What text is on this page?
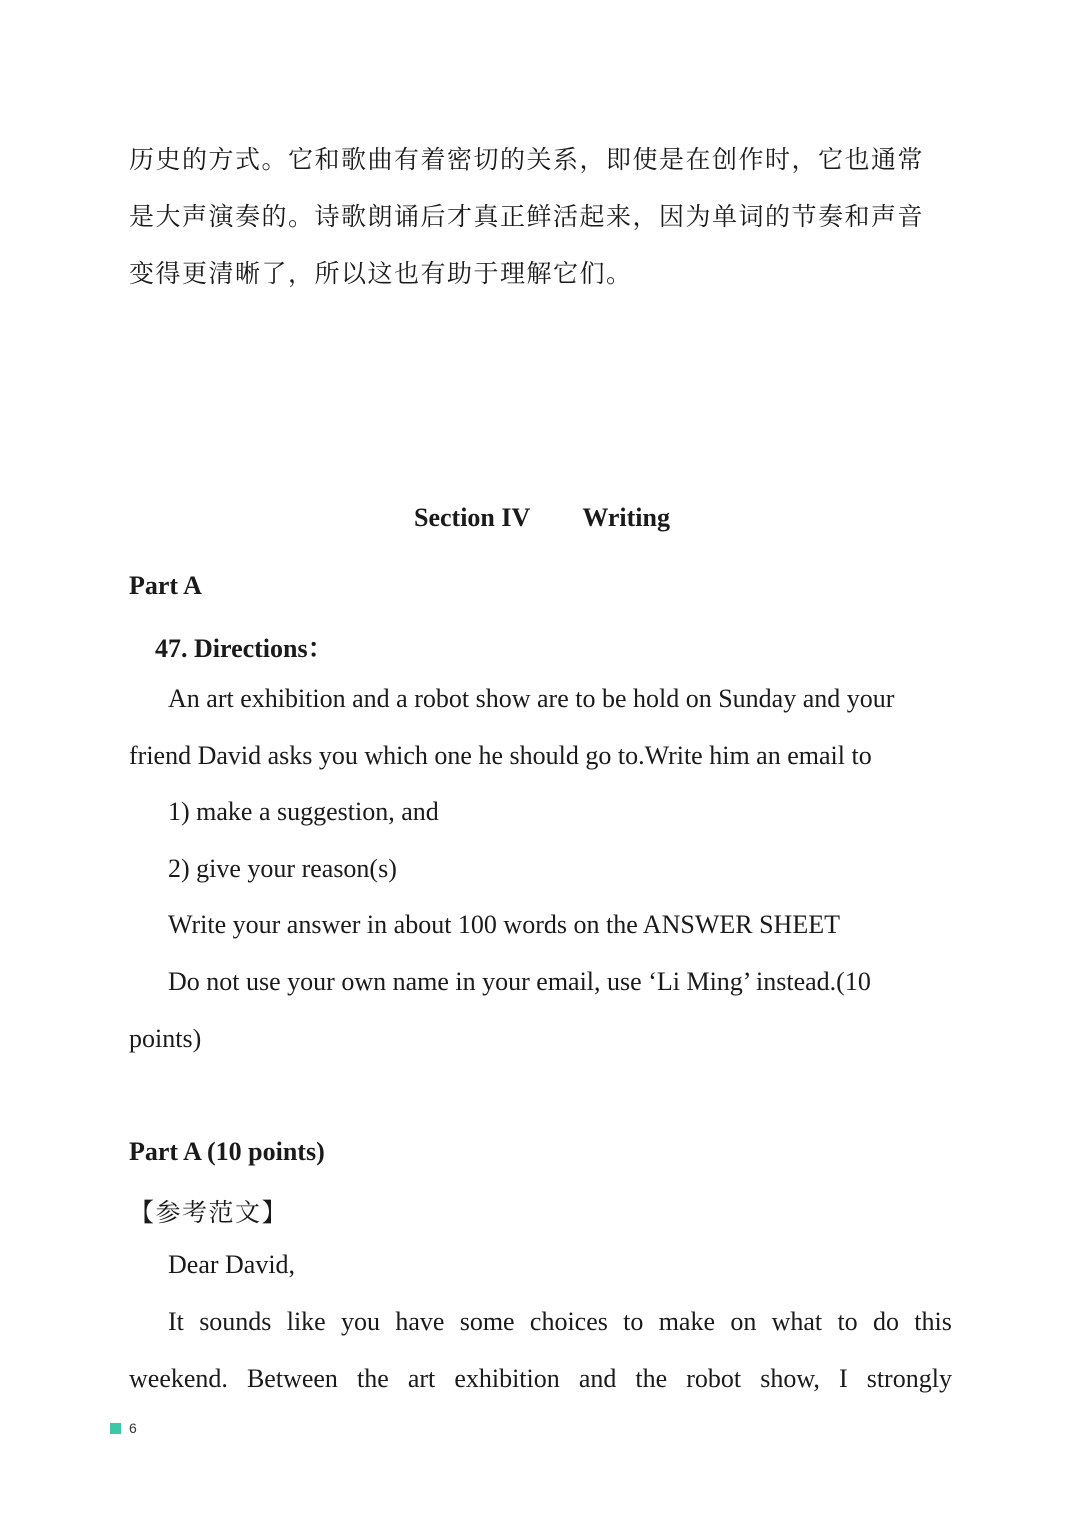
历史的方式。它和歌曲有着密切的关系，即使是在创作时，它也通常
是大声演奏的。诗歌朗诵后才真正鲜活起来，因为单词的节奏和声音
变得更清晰了，所以这也有助于理解它们。
Section IV Writing
Part A
47. Directions：
An art exhibition and a robot show are to be hold on Sunday and your
friend David asks you which one he should go to.Write him an email to
1) make a suggestion, and
2) give your reason(s)
Write your answer in about 100 words on the ANSWER SHEET
Do not use your own name in your email, use ‘Li Ming’ instead.(10
points)
Part A (10 points)
【参考范文】
Dear David,
It sounds like you have some choices to make on what to do this
weekend. Between the art exhibition and the robot show, I strongly
6
